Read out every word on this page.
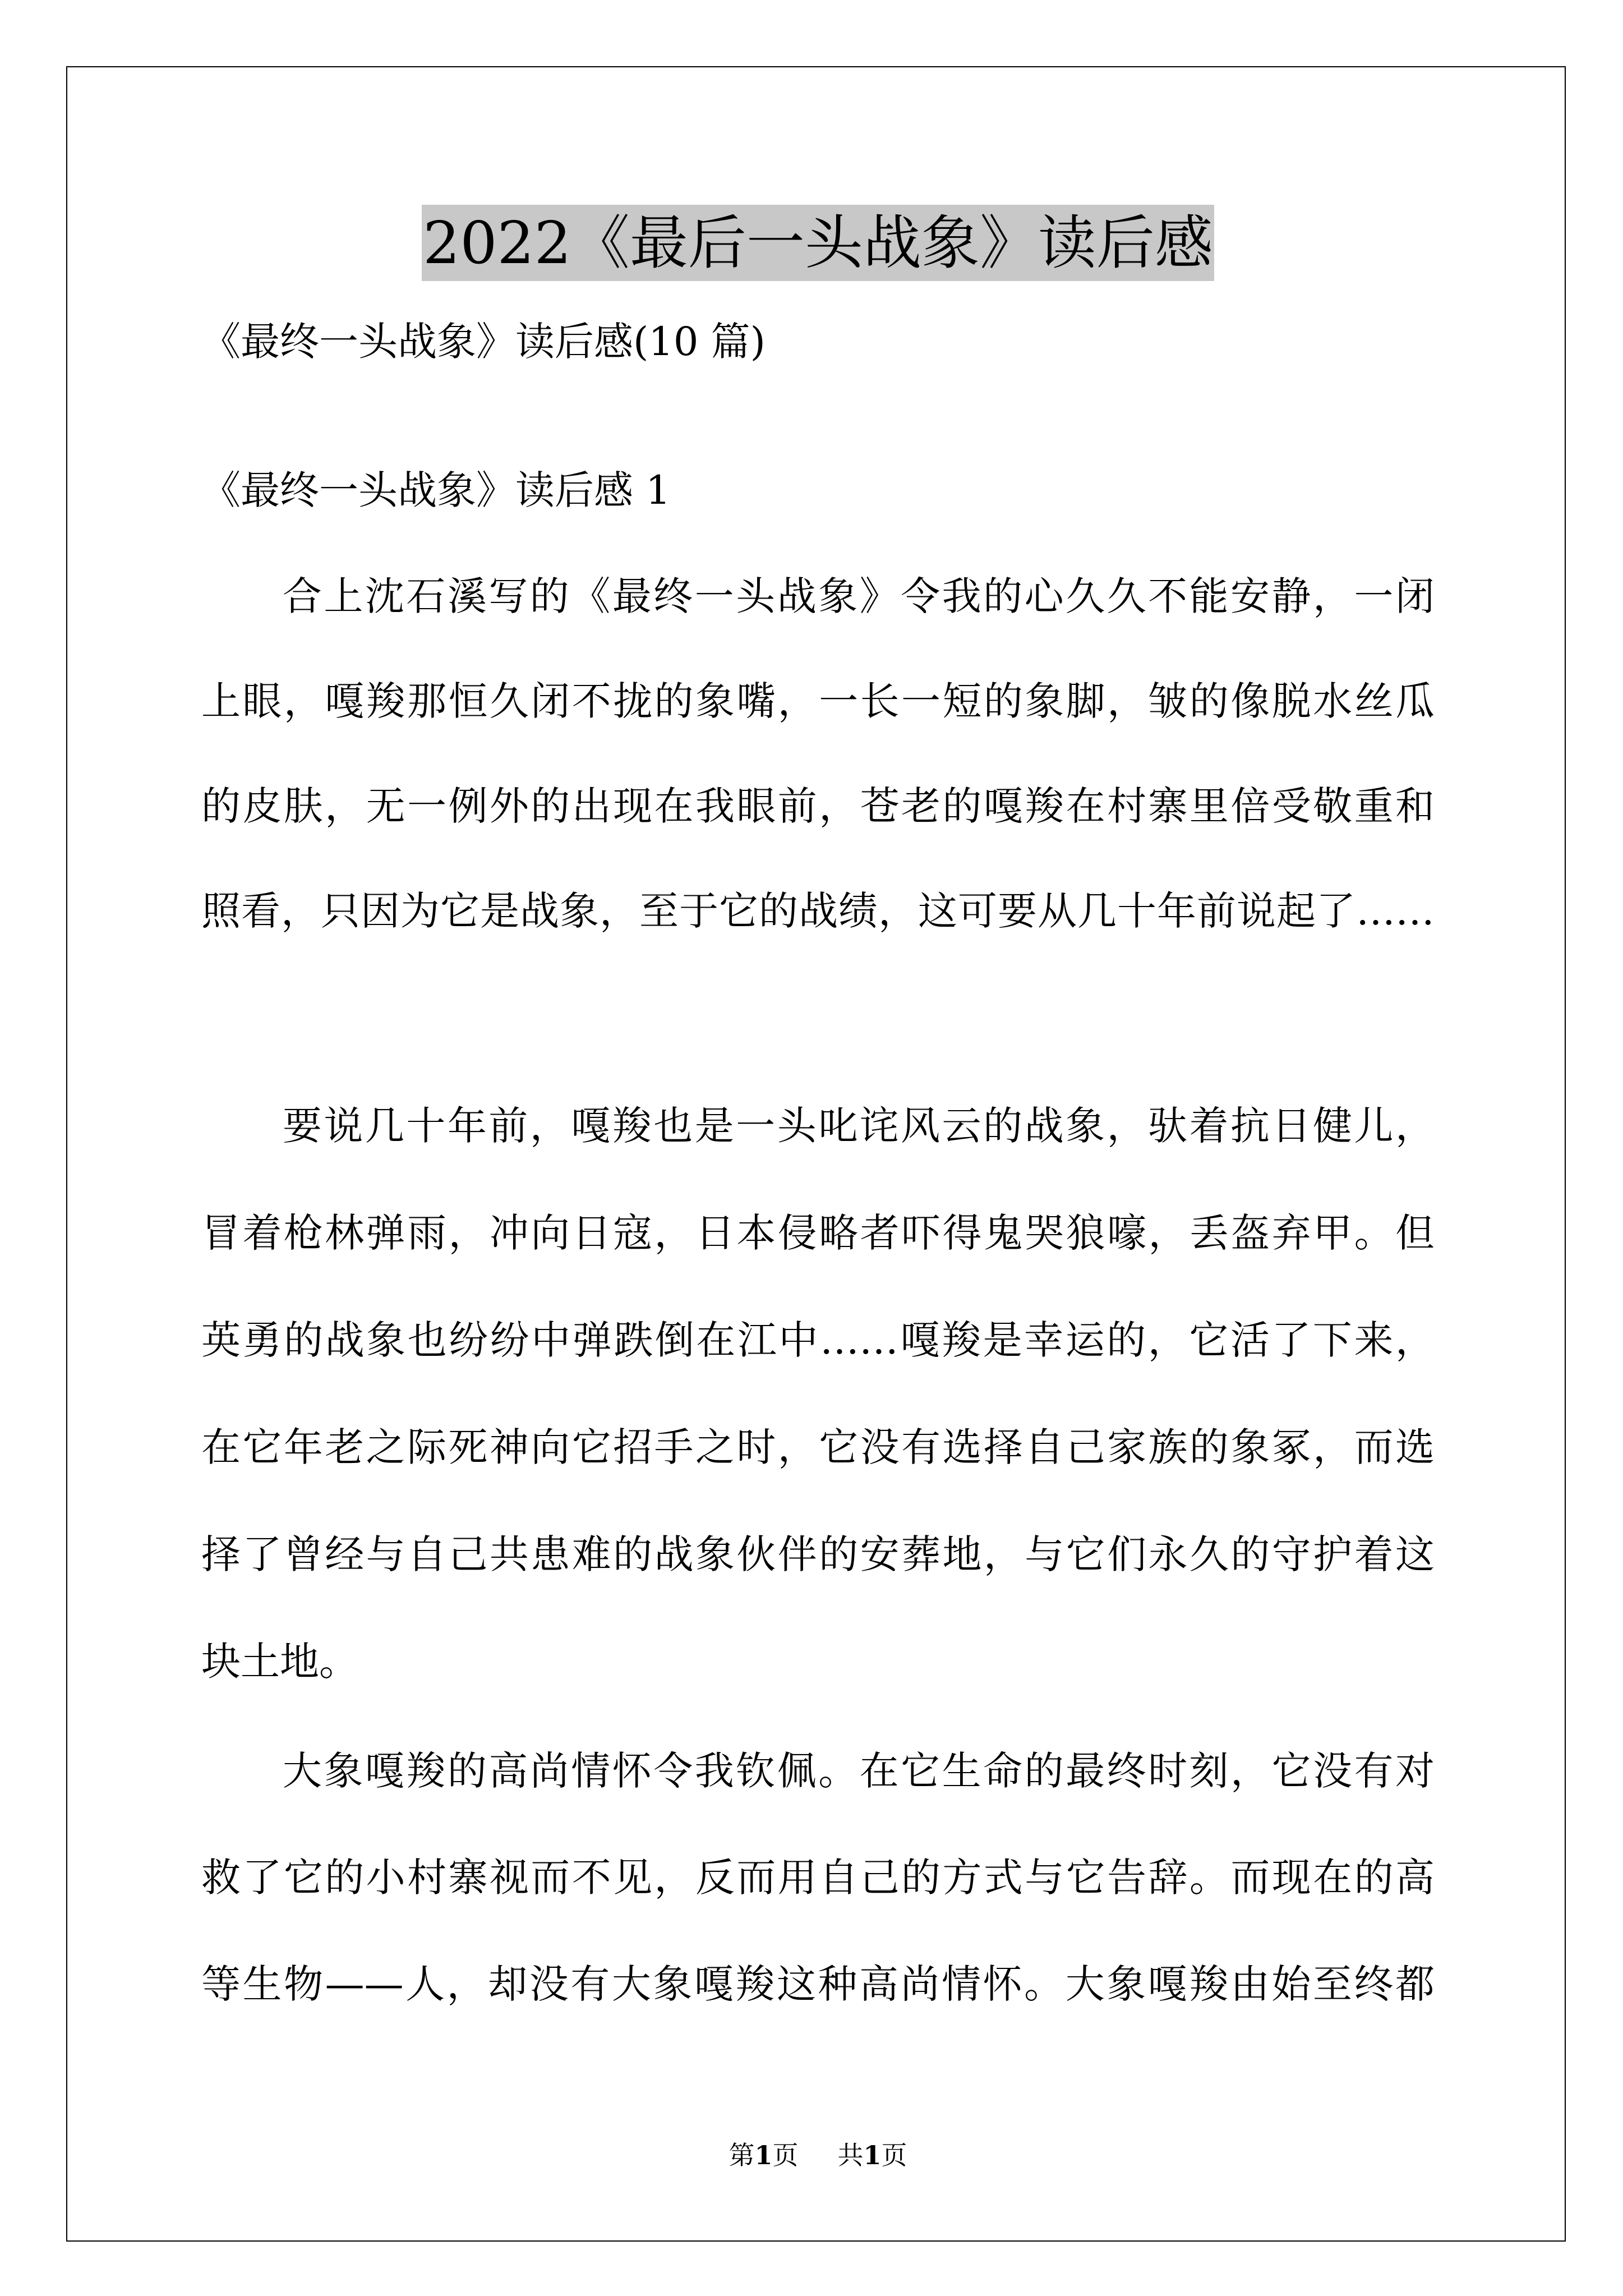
2022《最后一头战象》读后感
《最终一头战象》读后感(10 篇)
《最终一头战象》读后感 1
合上沈石溪写的《最终一头战象》令我的心久久不能安静，一闭
上眼，嘎羧那恒久闭不拢的象嘴，一长一短的象脚，皱的像脱水丝瓜
的皮肤，无一例外的出现在我眼前，苍老的嘎羧在村寨里倍受敬重和
照看，只因为它是战象，至于它的战绩，这可要从几十年前说起了……
要说几十年前，嘎羧也是一头叱诧风云的战象，驮着抗日健儿，
冒着枪林弹雨，冲向日寇，日本侵略者吓得鬼哭狼嚎，丢盔弃甲。但
英勇的战象也纷纷中弹跌倒在江中……嘎羧是幸运的，它活了下来，
在它年老之际死神向它招手之时，它没有选择自己家族的象冢，而选
择了曾经与自己共患难的战象伙伴的安葬地，与它们永久的守护着这
块土地。
大象嘎羧的高尚情怀令我钦佩。在它生命的最终时刻，它没有对
救了它的小村寨视而不见，反而用自己的方式与它告辞。而现在的高
等生物——人，却没有大象嘎羧这种高尚情怀。大象嘎羧由始至终都
第1页 共1页
